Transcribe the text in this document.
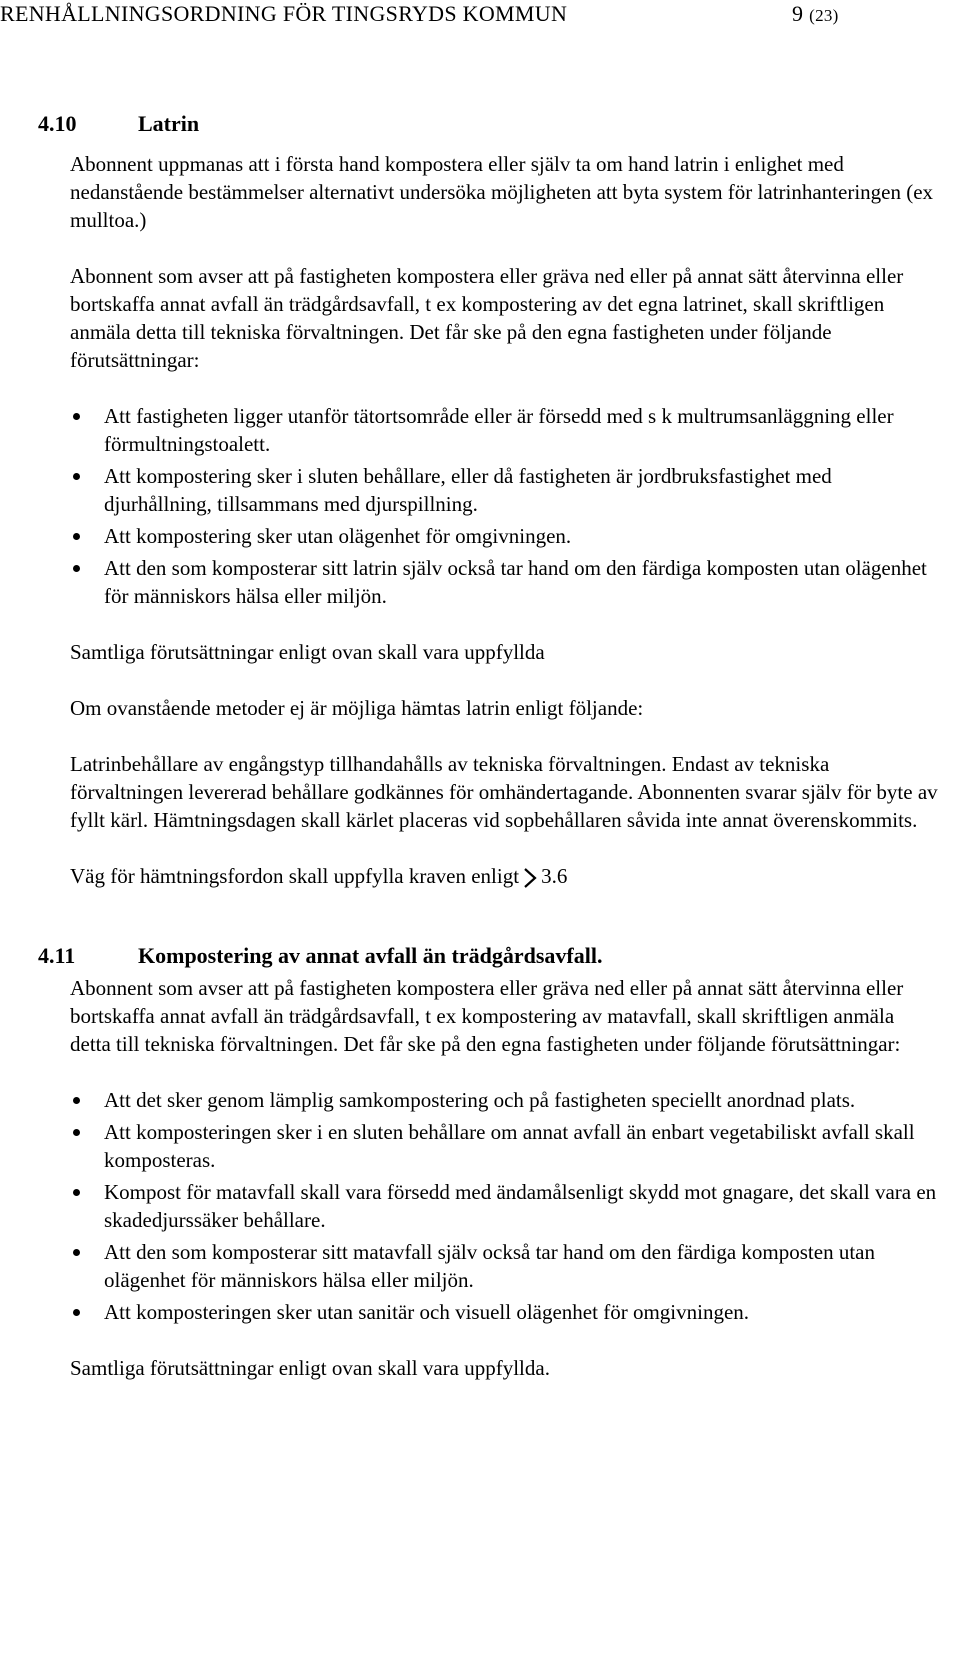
RENHÅLLNINGSORDNING FÖR TINGSRYDS KOMMUN	9 (23)
4.10	Latrin

Abonnent uppmanas att i första hand kompostera eller själv ta om hand latrin i enlighet med nedanstående bestämmelser alternativt undersöka möjligheten att byta system för latrinhanteringen (ex mulltoa.)

Abonnent som avser att på fastigheten kompostera eller gräva ned eller på annat sätt återvinna eller bortskaffa annat avfall än trädgårdsavfall, t ex kompostering av det egna latrinet, skall skriftligen anmäla detta till tekniska förvaltningen. Det får ske på den egna fastigheten under följande förutsättningar:

Att fastigheten ligger utanför tätortsområde eller är försedd med s k multrumsanläggning eller förmultningstoalett.
Att kompostering sker i sluten behållare, eller då fastigheten är jordbruksfastighet med djurhållning, tillsammans med djurspillning.
Att kompostering sker utan olägenhet för omgivningen.
Att den som komposterar sitt latrin själv också tar hand om den färdiga komposten utan olägenhet för människors hälsa eller miljön.

Samtliga förutsättningar enligt ovan skall vara uppfyllda

Om ovanstående metoder ej är möjliga hämtas latrin enligt följande:

Latrinbehållare av engångstyp tillhandahålls av tekniska förvaltningen. Endast av tekniska förvaltningen levererad behållare godkännes för omhändertagande. Abonnenten svarar själv för byte av fyllt kärl. Hämtningsdagen skall kärlet placeras vid sopbehållaren såvida inte annat överenskommits.

Väg för hämtningsfordon skall uppfylla kraven enligt 3.6

4.11	Kompostering av annat avfall än trädgårdsavfall.

Abonnent som avser att på fastigheten kompostera eller gräva ned eller på annat sätt återvinna eller bortskaffa annat avfall än trädgårdsavfall, t ex kompostering av matavfall, skall skriftligen anmäla detta till tekniska förvaltningen. Det får ske på den egna fastigheten under följande förutsättningar:

Att det sker genom lämplig samkompostering och på fastigheten speciellt anordnad plats.
Att komposteringen sker i en sluten behållare om annat avfall än enbart vegetabiliskt avfall skall komposteras.
Kompost för matavfall skall vara försedd med ändamålsenligt skydd mot gnagare, det skall vara en skadedjurssäker behållare.
Att den som komposterar sitt matavfall själv också tar hand om den färdiga komposten utan olägenhet för människors hälsa eller miljön.
Att komposteringen sker utan sanitär och visuell olägenhet för omgivningen.

Samtliga förutsättningar enligt ovan skall vara uppfyllda.
